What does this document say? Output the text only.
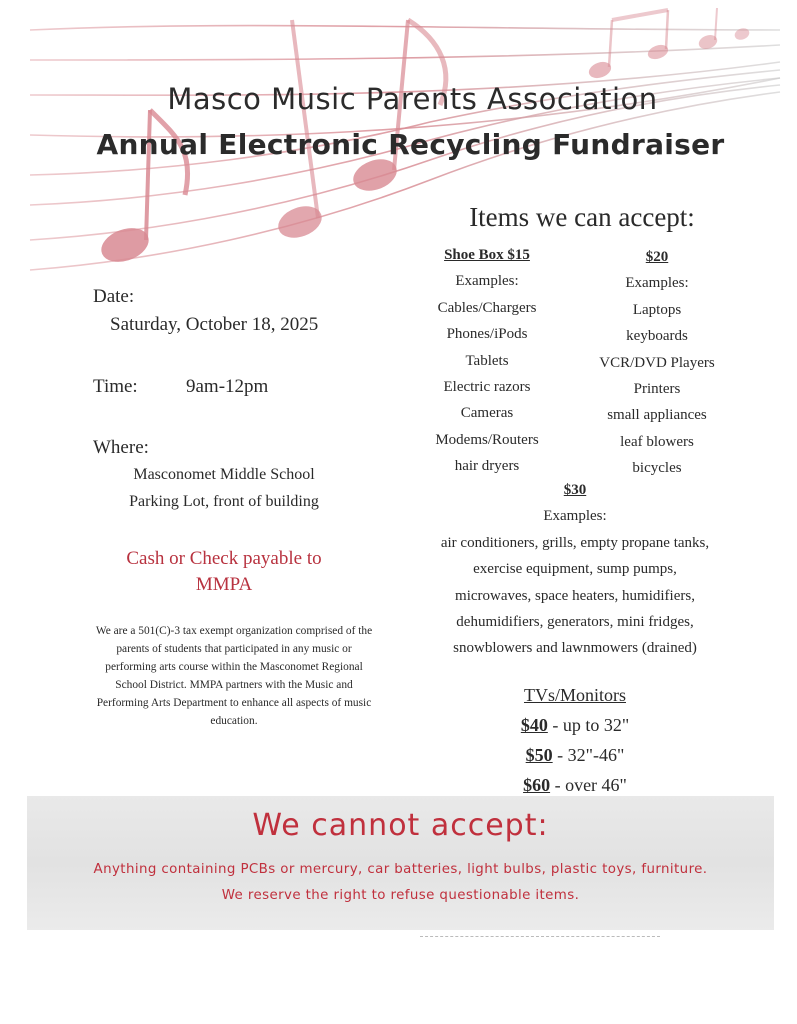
Masco Music Parents Association
Annual Electronic Recycling Fundraiser
Date:
Saturday, October 18, 2025
Time:	9am-12pm
Where:
Masconomet Middle School
Parking Lot, front of building
Cash or Check payable to
MMPA
We are a 501(C)-3 tax exempt organization comprised of the parents of students that participated in any music or performing arts course within the Masconomet Regional School District. MMPA partners with the Music and Performing Arts Department to enhance all aspects of music education.
Items we can accept:
Shoe Box $15
Examples:
Cables/Chargers
Phones/iPods
Tablets
Electric razors
Cameras
Modems/Routers
hair dryers
$20
Examples:
Laptops
keyboards
VCR/DVD Players
Printers
small appliances
leaf blowers
bicycles
$30
Examples:
air conditioners, grills, empty propane tanks,
exercise equipment, sump pumps,
microwaves, space heaters, humidifiers,
dehumidifiers, generators, mini fridges,
snowblowers and lawnmowers (drained)
TVs/Monitors
$40 - up to 32"
$50 - 32"-46"
$60 - over 46"
We cannot accept:
Anything containing PCBs or mercury, car batteries, light bulbs, plastic toys, furniture.
We reserve the right to refuse questionable items.
